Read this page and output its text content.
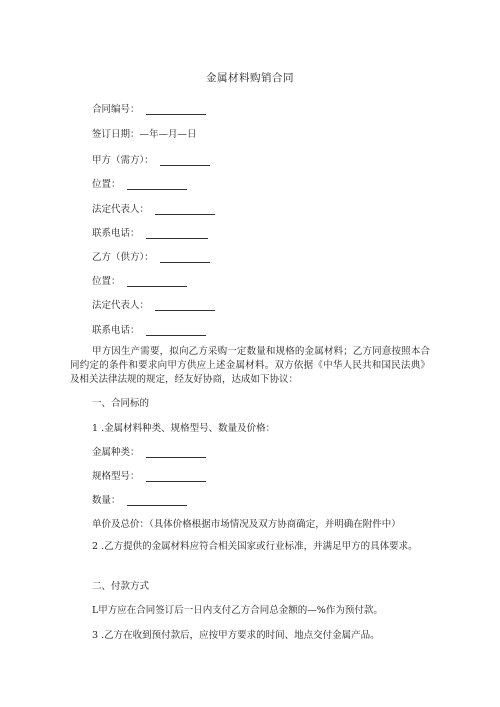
金属材料购销合同
合同编号：
签订日期：—年—月—日
甲方（需方）：
位置：
法定代表人：
联系电话：
乙方（供方）：
位置：
法定代表人：
联系电话：
甲方因生产需要，拟向乙方采购一定数量和规格的金属材料；乙方同意按照本合同约定的条件和要求向甲方供应上述金属材料。双方依据《中华人民共和国民法典》及相关法律法规的规定，经友好协商，达成如下协议：
一、合同标的
1 .金属材料种类、规格型号、数量及价格：
金属种类：
规格型号：
数量：
单价及总价：（具体价格根据市场情况及双方协商确定，并明确在附件中）
2 .乙方提供的金属材料应符合相关国家或行业标准，并满足甲方的具体要求。
二、付款方式
L甲方应在合同签订后一日内支付乙方合同总金额的—%作为预付款。
3 .乙方在收到预付款后，应按甲方要求的时间、地点交付金属产品。
